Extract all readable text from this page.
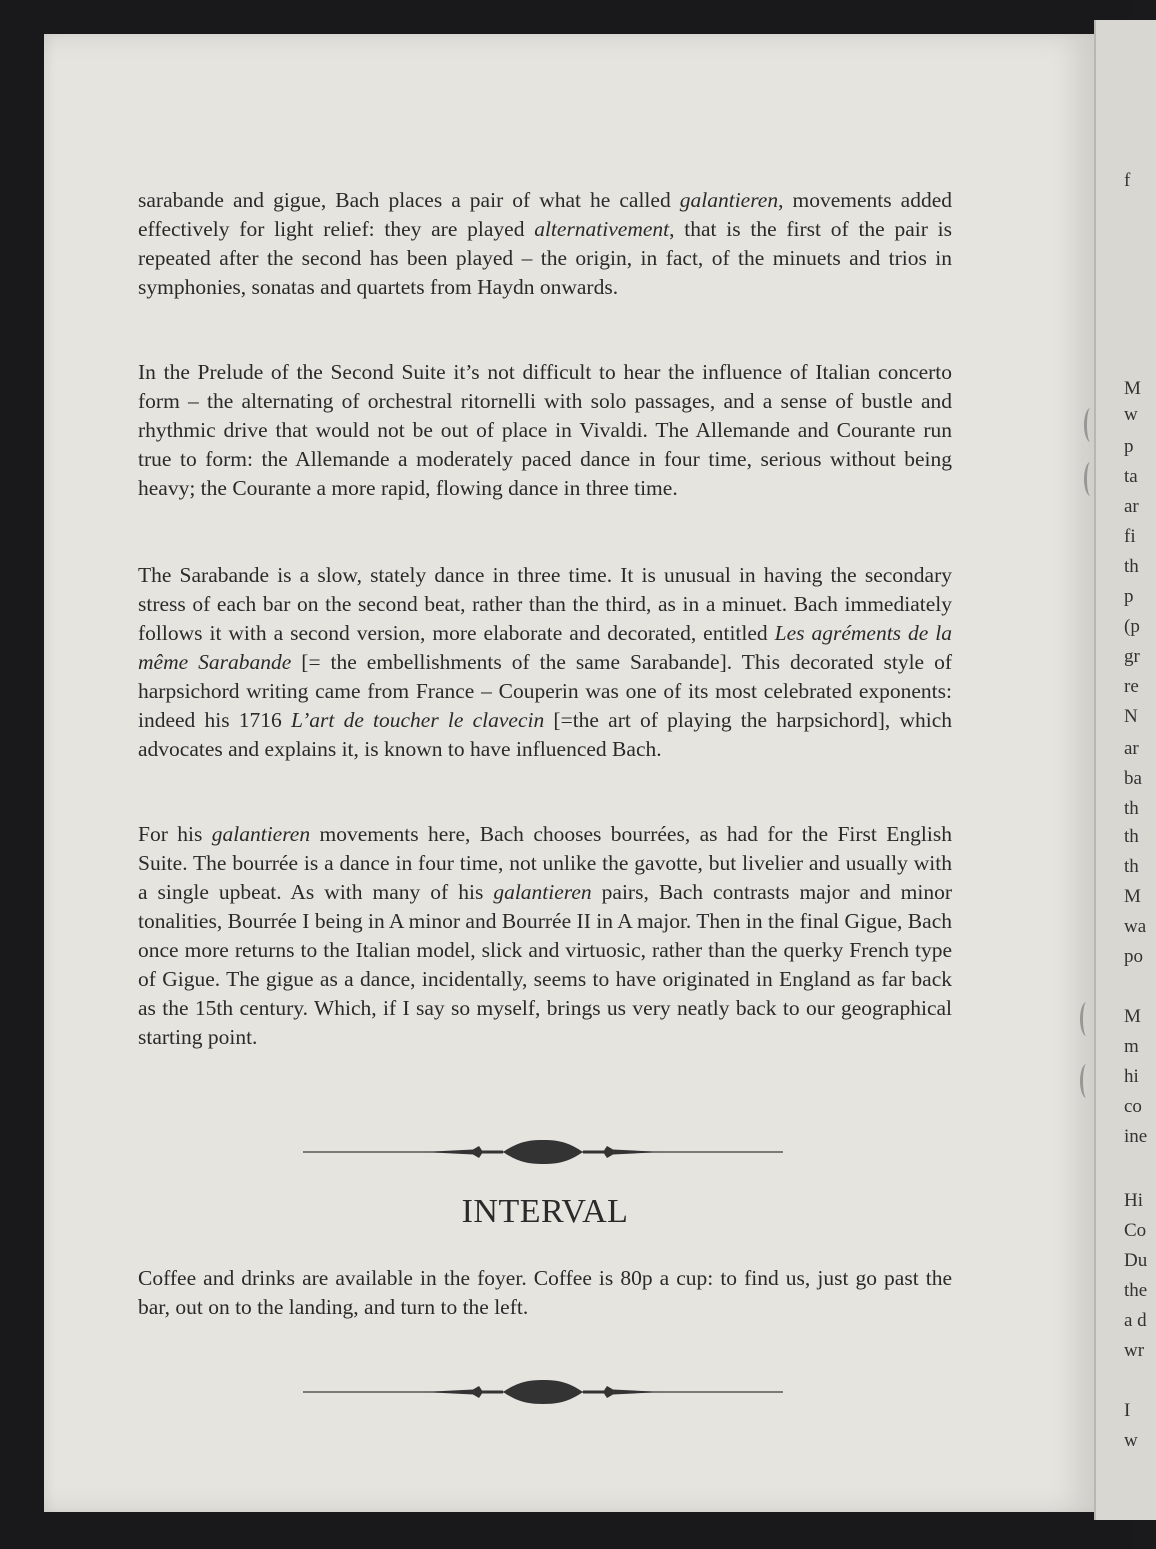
f
M
w
p
ta
ar
fi
th
p
(p
gr
re
N
ar
ba
th
th
th
M
wa
po
M
m
hi
co
ine
Hi
Co
Du
the
a d
wr
I
w

sarabande and gigue, Bach places a pair of what he called galantieren, movements added effectively for light relief: they are played alternativement, that is the first of the pair is repeated after the second has been played – the origin, in fact, of the minuets and trios in symphonies, sonatas and quartets from Haydn onwards.

In the Prelude of the Second Suite it’s not difficult to hear the influence of Italian concerto form – the alternating of orchestral ritornelli with solo passages, and a sense of bustle and rhythmic drive that would not be out of place in Vivaldi. The Allemande and Courante run true to form: the Allemande a moderately paced dance in four time, serious without being heavy; the Courante a more rapid, flowing dance in three time.

The Sarabande is a slow, stately dance in three time. It is unusual in having the secondary stress of each bar on the second beat, rather than the third, as in a minuet. Bach immediately follows it with a second version, more elaborate and decorated, entitled Les agréments de la même Sarabande [= the embellishments of the same Sarabande]. This decorated style of harpsichord writing came from France – Couperin was one of its most celebrated exponents: indeed his 1716 L’art de toucher le clavecin [=the art of playing the harpsichord], which advocates and explains it, is known to have influenced Bach.

For his galantieren movements here, Bach chooses bourrées, as had for the First English Suite. The bourrée is a dance in four time, not unlike the gavotte, but livelier and usually with a single upbeat. As with many of his galantieren pairs, Bach contrasts major and minor tonalities, Bourrée I being in A minor and Bourrée II in A major. Then in the final Gigue, Bach once more returns to the Italian model, slick and virtuosic, rather than the querky French type of Gigue. The gigue as a dance, incidentally, seems to have originated in England as far back as the 15th century. Which, if I say so myself, brings us very neatly back to our geographical starting point.

INTERVAL

Coffee and drinks are available in the foyer. Coffee is 80p a cup: to find us, just go past the bar, out on to the landing, and turn to the left.
